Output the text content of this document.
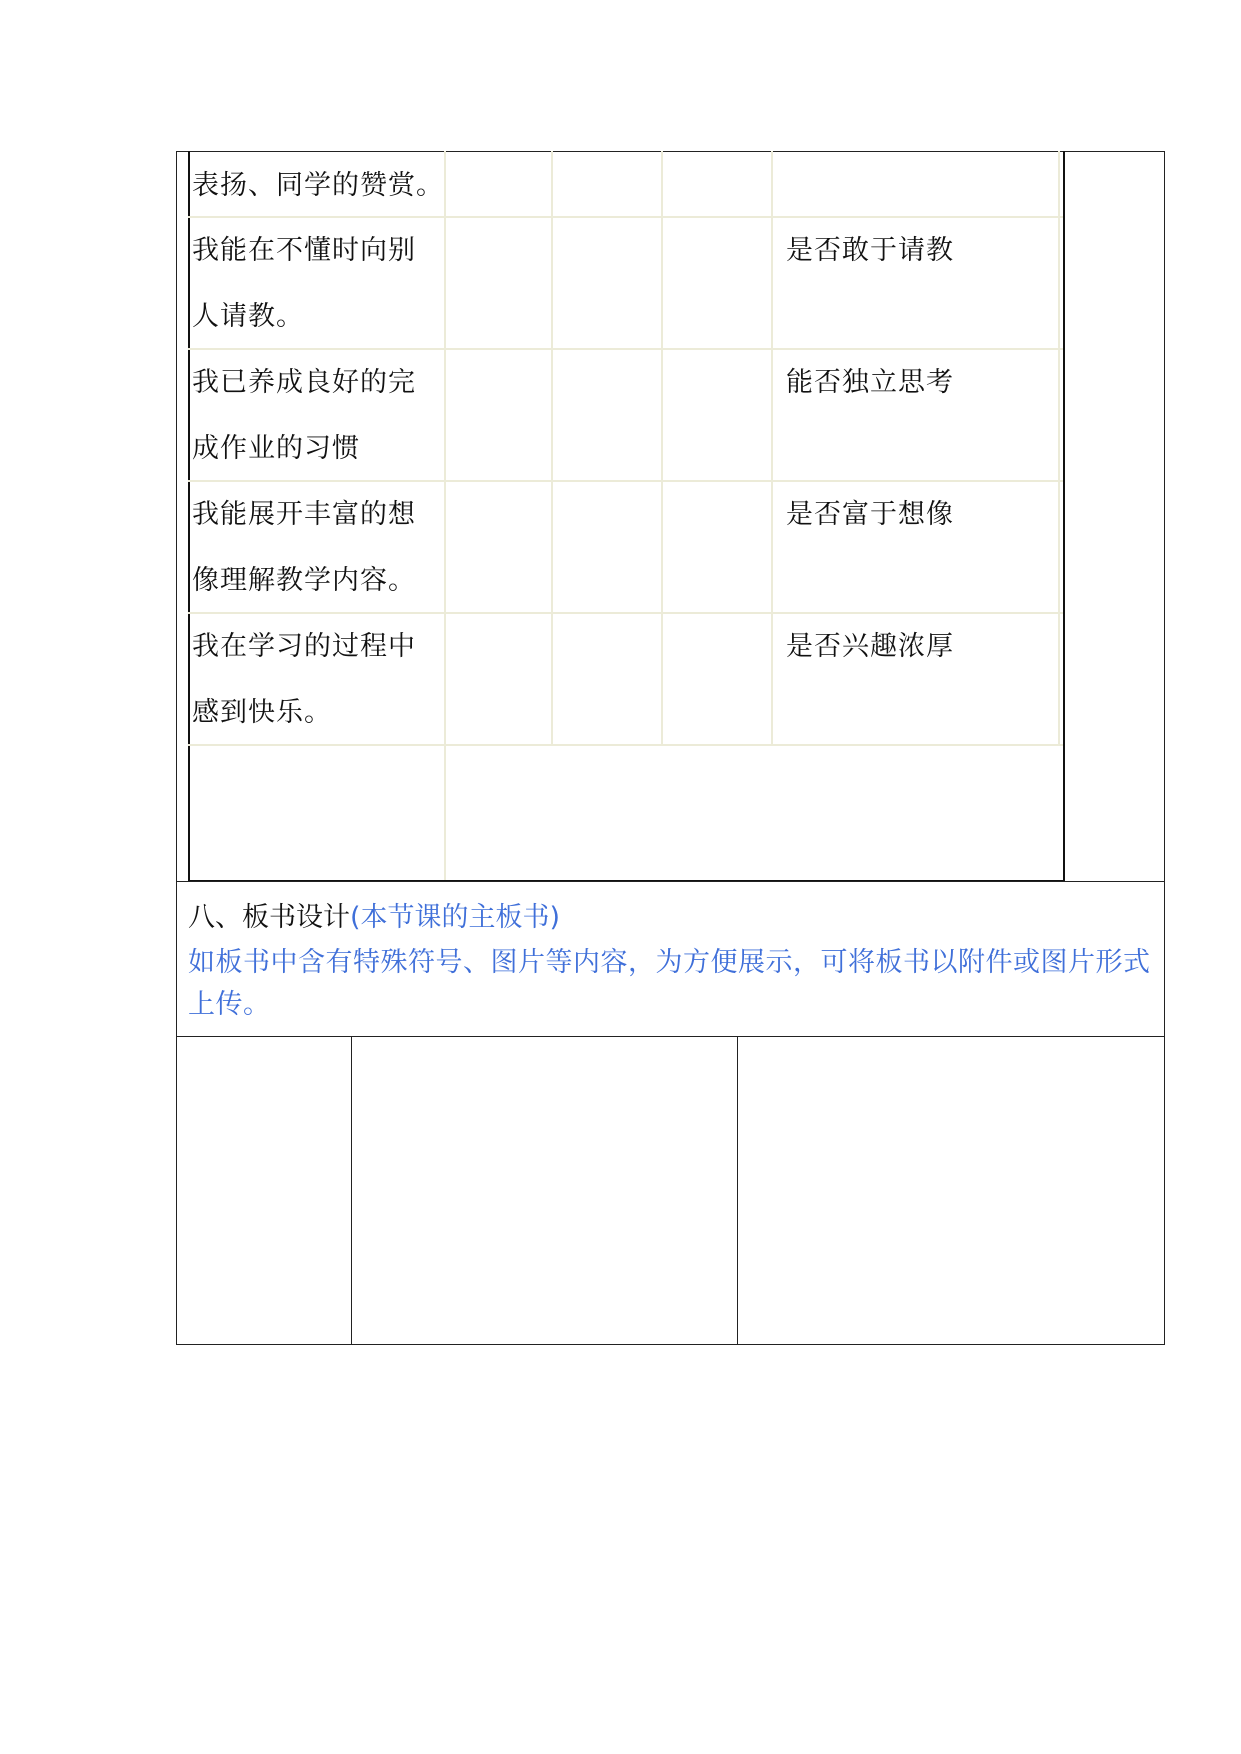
表扬、同学的赞赏。
我能在不懂时向别
人请教。
是否敢于请教
我已养成良好的完
成作业的习惯
能否独立思考
我能展开丰富的想
像理解教学内容。
是否富于想像
我在学习的过程中
感到快乐。
是否兴趣浓厚
八、板书设计(本节课的主板书)
如板书中含有特殊符号、图片等内容，为方便展示，可将板书以附件或图片形式上传。
